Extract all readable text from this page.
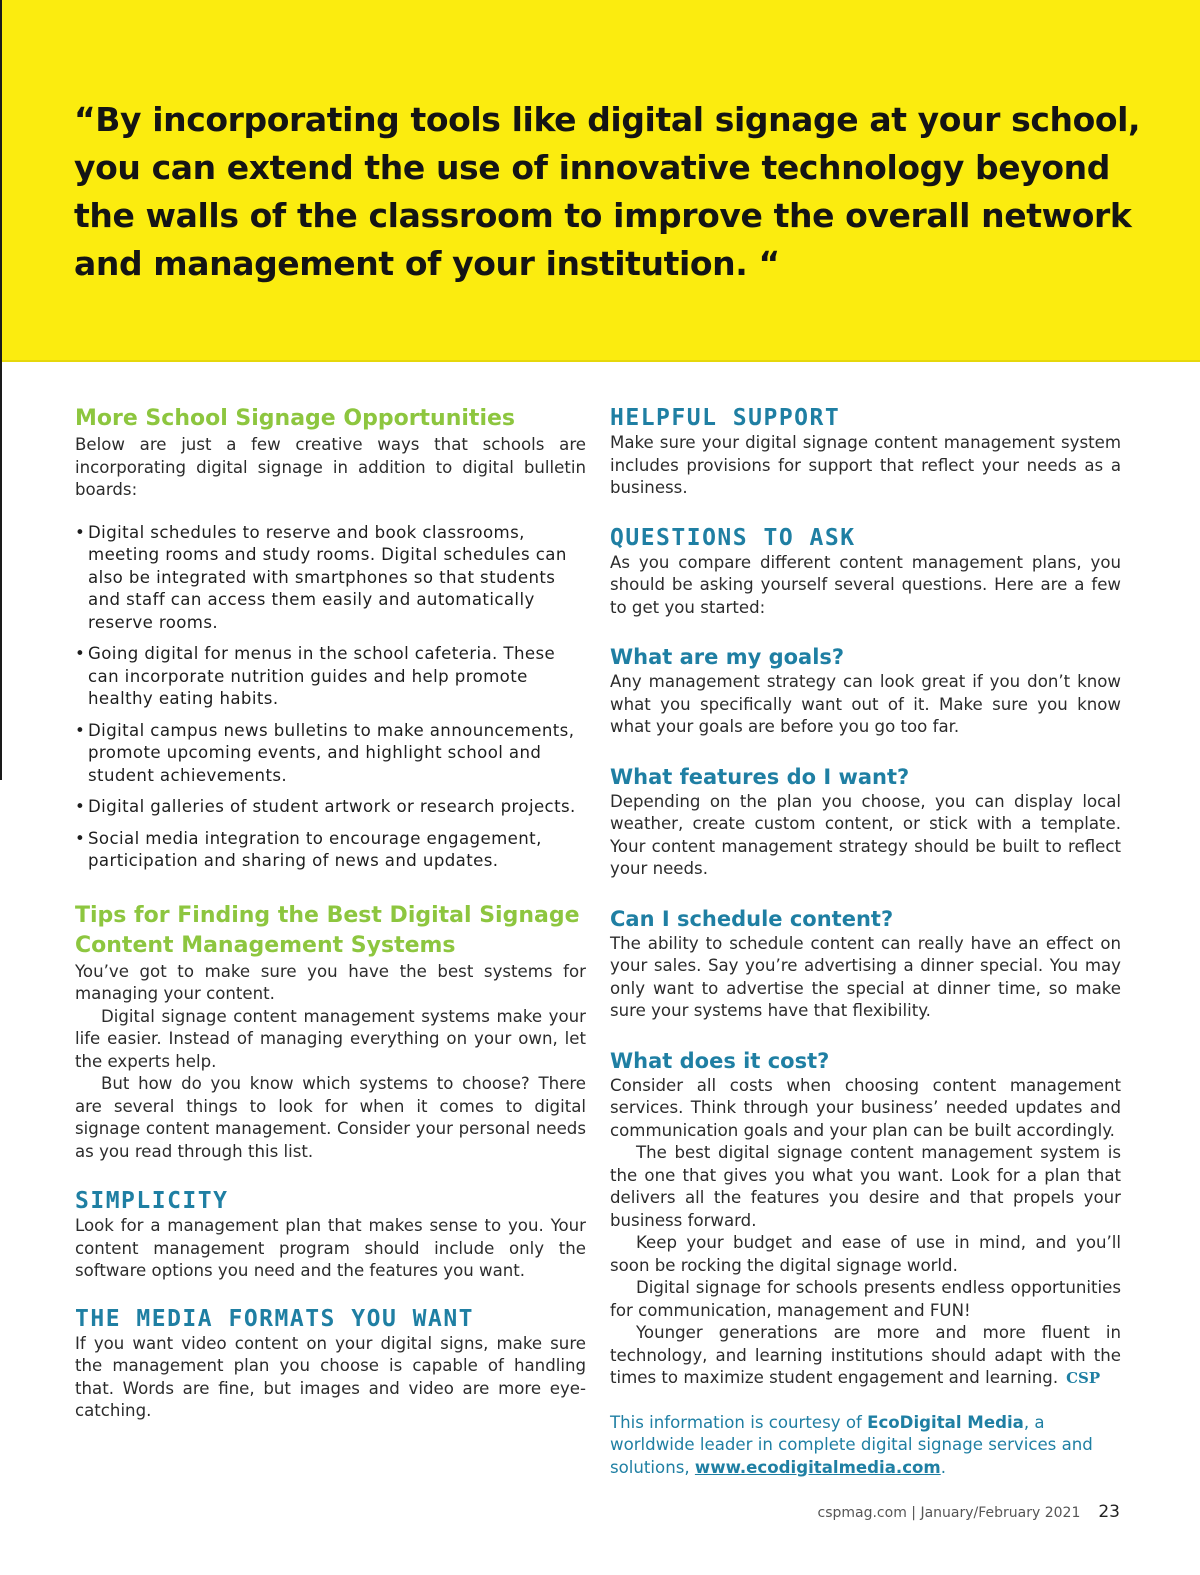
“By incorporating tools like digital signage at your school, you can extend the use of innovative technology beyond the walls of the classroom to improve the overall network and management of your institution. “
More School Signage Opportunities

Below are just a few creative ways that schools are incorporating digital signage in addition to digital bulletin boards:

• Digital schedules to reserve and book classrooms, meeting rooms and study rooms. Digital schedules can also be integrated with smartphones so that students and staff can access them easily and automatically reserve rooms.
• Going digital for menus in the school cafeteria. These can incorporate nutrition guides and help promote healthy eating habits.
• Digital campus news bulletins to make announcements, promote upcoming events, and highlight school and student achievements.
• Digital galleries of student artwork or research projects.
• Social media integration to encourage engagement, participation and sharing of news and updates.
Tips for Finding the Best Digital Signage Content Management Systems

You’ve got to make sure you have the best systems for managing your content.

Digital signage content management systems make your life easier. Instead of managing everything on your own, let the experts help.

But how do you know which systems to choose? There are several things to look for when it comes to digital signage content management. Consider your personal needs as you read through this list.

SIMPLICITY

Look for a management plan that makes sense to you. Your content management program should include only the software options you need and the features you want.

THE MEDIA FORMATS YOU WANT

If you want video content on your digital signs, make sure the management plan you choose is capable of handling that. Words are fine, but images and video are more eye-catching.

HELPFUL SUPPORT

Make sure your digital signage content management system includes provisions for support that reflect your needs as a business.

QUESTIONS TO ASK

As you compare different content management plans, you should be asking yourself several questions. Here are a few to get you started:

What are my goals?

Any management strategy can look great if you don’t know what you specifically want out of it. Make sure you know what your goals are before you go too far.

What features do I want?

Depending on the plan you choose, you can display local weather, create custom content, or stick with a template. Your content management strategy should be built to reflect your needs.

Can I schedule content?

The ability to schedule content can really have an effect on your sales. Say you’re advertising a dinner special. You may only want to advertise the special at dinner time, so make sure your systems have that flexibility.

What does it cost?

Consider all costs when choosing content management services. Think through your business’ needed updates and communication goals and your plan can be built accordingly.

The best digital signage content management system is the one that gives you what you want. Look for a plan that delivers all the features you desire and that propels your business forward.

Keep your budget and ease of use in mind, and you’ll soon be rocking the digital signage world.

Digital signage for schools presents endless opportunities for communication, management and FUN!

Younger generations are more and more fluent in technology, and learning institutions should adapt with the times to maximize student engagement and learning. CSP

This information is courtesy of EcoDigital Media, a worldwide leader in complete digital signage services and solutions, www.ecodigitalmedia.com.

cspmag.com | January/February 2021 23
